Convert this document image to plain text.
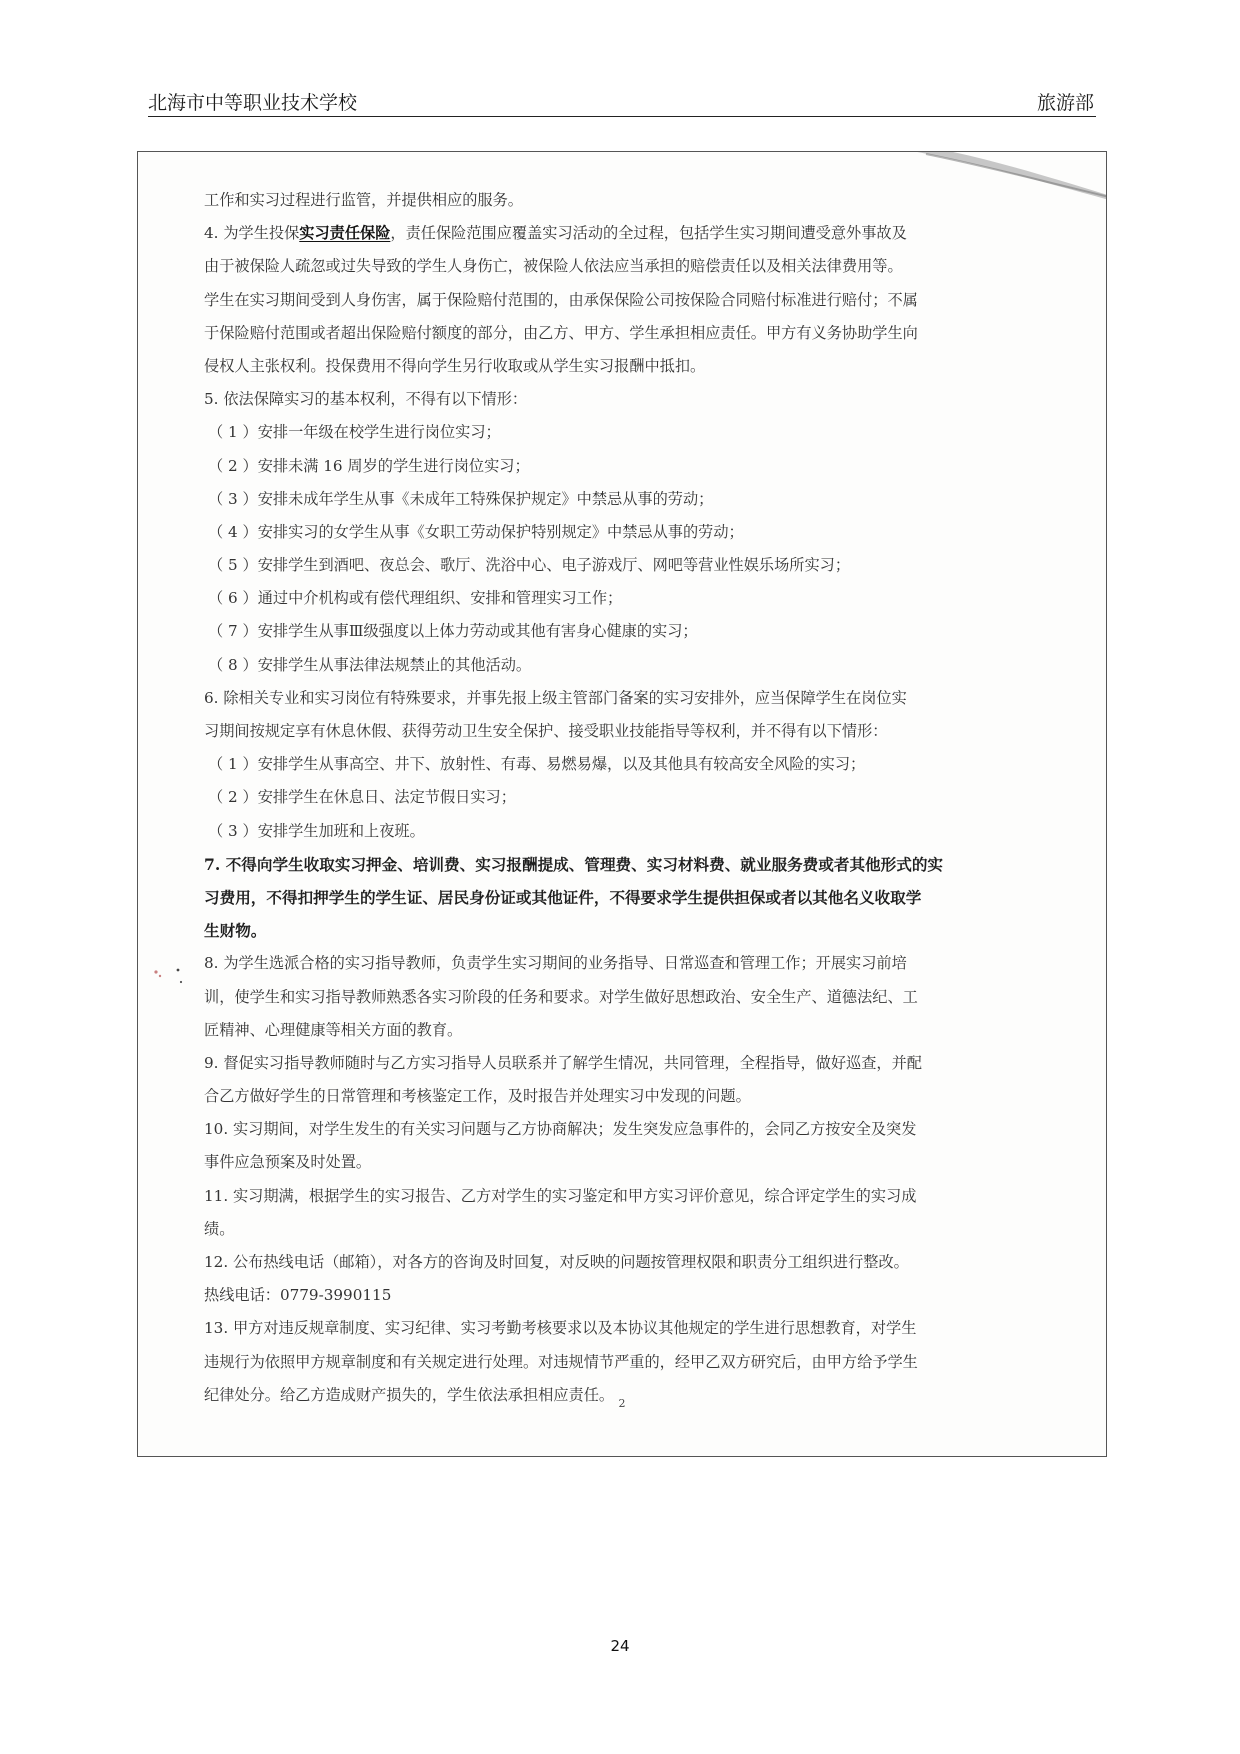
北海市中等职业技术学校	旅游部
工作和实习过程进行监管，并提供相应的服务。
4. 为学生投保实习责任保险，责任保险范围应覆盖实习活动的全过程，包括学生实习期间遭受意外事故及
由于被保险人疏忽或过失导致的学生人身伤亡，被保险人依法应当承担的赔偿责任以及相关法律费用等。
学生在实习期间受到人身伤害，属于保险赔付范围的，由承保保险公司按保险合同赔付标准进行赔付；不属
于保险赔付范围或者超出保险赔付额度的部分，由乙方、甲方、学生承担相应责任。甲方有义务协助学生向
侵权人主张权利。投保费用不得向学生另行收取或从学生实习报酬中抵扣。
5. 依法保障实习的基本权利，不得有以下情形：
（ 1 ）安排一年级在校学生进行岗位实习；
（ 2 ）安排未满 16 周岁的学生进行岗位实习；
（ 3 ）安排未成年学生从事《未成年工特殊保护规定》中禁忌从事的劳动；
（ 4 ）安排实习的女学生从事《女职工劳动保护特别规定》中禁忌从事的劳动；
（ 5 ）安排学生到酒吧、夜总会、歌厅、洗浴中心、电子游戏厅、网吧等营业性娱乐场所实习；
（ 6 ）通过中介机构或有偿代理组织、安排和管理实习工作；
（ 7 ）安排学生从事Ⅲ级强度以上体力劳动或其他有害身心健康的实习；
（ 8 ）安排学生从事法律法规禁止的其他活动。
6. 除相关专业和实习岗位有特殊要求，并事先报上级主管部门备案的实习安排外，应当保障学生在岗位实
习期间按规定享有休息休假、获得劳动卫生安全保护、接受职业技能指导等权利，并不得有以下情形：
（ 1 ）安排学生从事高空、井下、放射性、有毒、易燃易爆，以及其他具有较高安全风险的实习；
（ 2 ）安排学生在休息日、法定节假日实习；
（ 3 ）安排学生加班和上夜班。
7. 不得向学生收取实习押金、培训费、实习报酬提成、管理费、实习材料费、就业服务费或者其他形式的实
习费用，不得扣押学生的学生证、居民身份证或其他证件，不得要求学生提供担保或者以其他名义收取学
生财物。
8. 为学生选派合格的实习指导教师，负责学生实习期间的业务指导、日常巡查和管理工作；开展实习前培
训，使学生和实习指导教师熟悉各实习阶段的任务和要求。对学生做好思想政治、安全生产、道德法纪、工
匠精神、心理健康等相关方面的教育。
9. 督促实习指导教师随时与乙方实习指导人员联系并了解学生情况，共同管理，全程指导，做好巡查，并配
合乙方做好学生的日常管理和考核鉴定工作，及时报告并处理实习中发现的问题。
10. 实习期间，对学生发生的有关实习问题与乙方协商解决；发生突发应急事件的，会同乙方按安全及突发
事件应急预案及时处置。
11. 实习期满，根据学生的实习报告、乙方对学生的实习鉴定和甲方实习评价意见，综合评定学生的实习成
绩。
12. 公布热线电话（邮箱），对各方的咨询及时回复，对反映的问题按管理权限和职责分工组织进行整改。
热线电话：0779-3990115
13. 甲方对违反规章制度、实习纪律、实习考勤考核要求以及本协议其他规定的学生进行思想教育，对学生
违规行为依照甲方规章制度和有关规定进行处理。对违规情节严重的，经甲乙双方研究后，由甲方给予学生
纪律处分。给乙方造成财产损失的，学生依法承担相应责任。 2
24
